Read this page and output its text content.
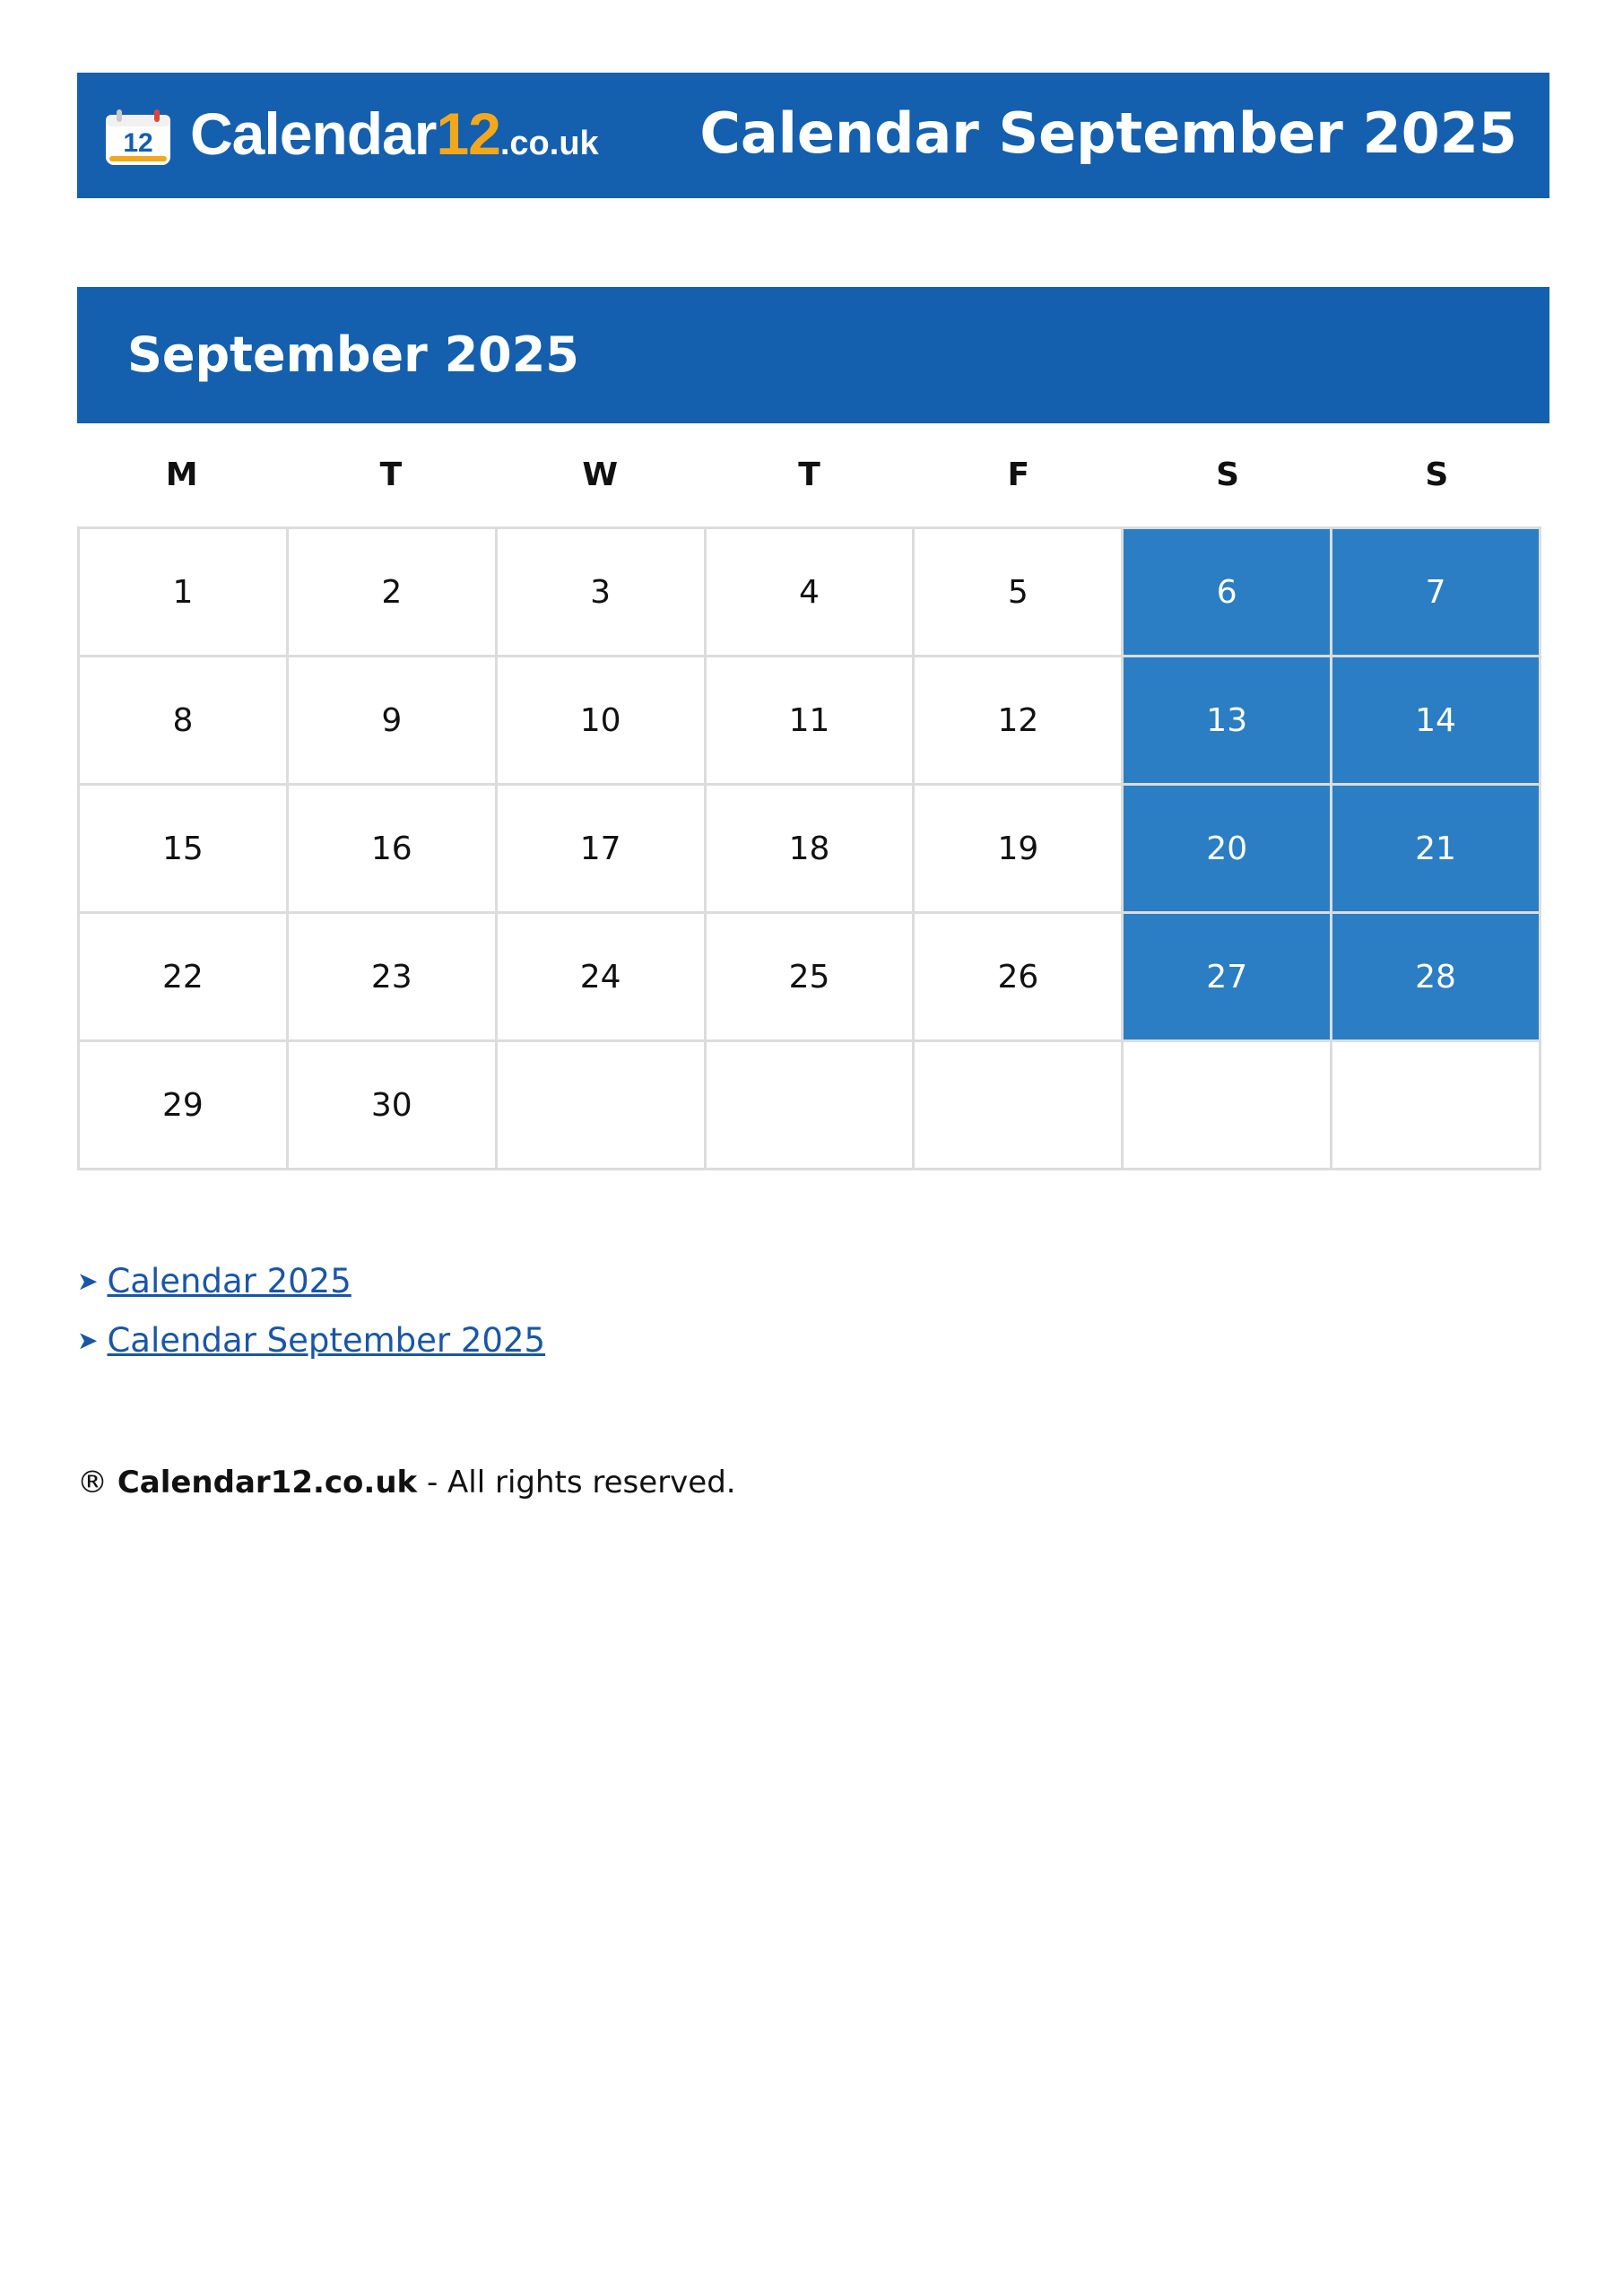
12 Calendar12.co.uk Calendar September 2025
September 2025
M	T	W	T	F	S	S
1	2	3	4	5	6	7
8	9	10	11	12	13	14
15	16	17	18	19	20	21
22	23	24	25	26	27	28
29	30
➤ Calendar 2025
➤ Calendar September 2025
® Calendar12.co.uk - All rights reserved.
